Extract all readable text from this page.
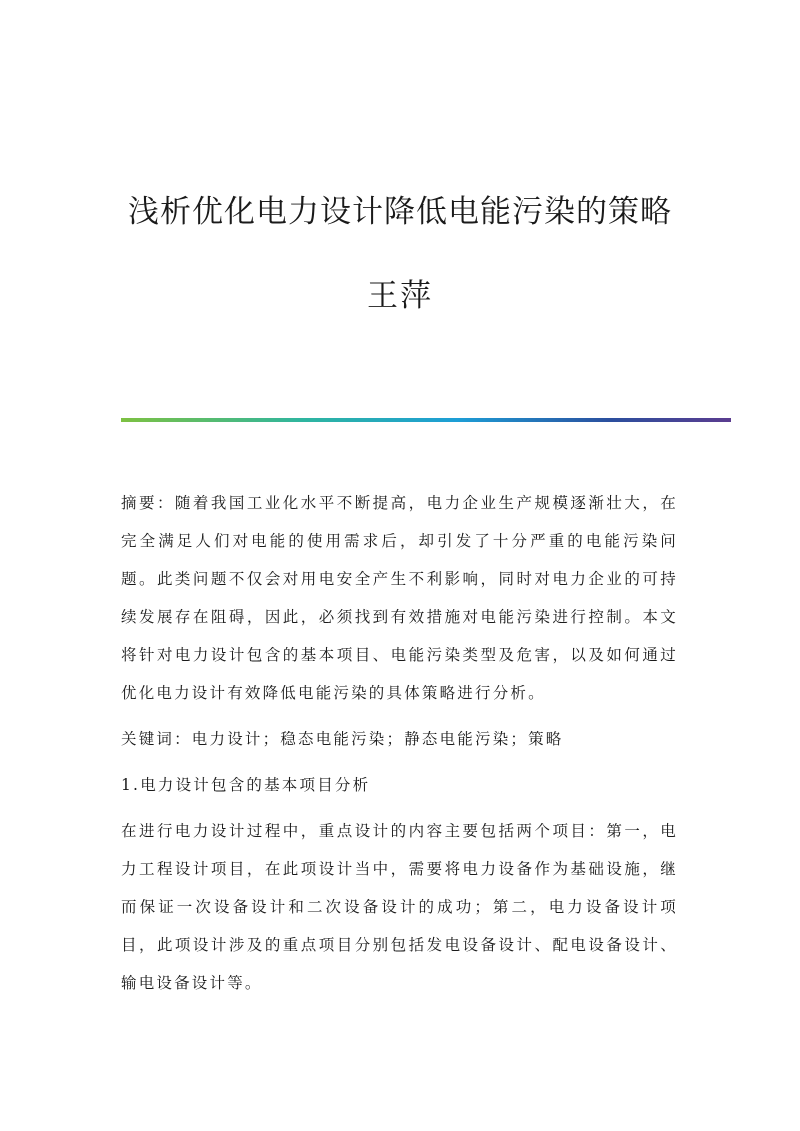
浅析优化电力设计降低电能污染的策略
王萍

摘要：随着我国工业化水平不断提高，电力企业生产规模逐渐壮大，在完全满足人们对电能的使用需求后，却引发了十分严重的电能污染问题。此类问题不仅会对用电安全产生不利影响，同时对电力企业的可持续发展存在阻碍，因此，必须找到有效措施对电能污染进行控制。本文将针对电力设计包含的基本项目、电能污染类型及危害，以及如何通过优化电力设计有效降低电能污染的具体策略进行分析。

关键词：电力设计；稳态电能污染；静态电能污染；策略

1.电力设计包含的基本项目分析

在进行电力设计过程中，重点设计的内容主要包括两个项目：第一，电力工程设计项目，在此项设计当中，需要将电力设备作为基础设施，继而保证一次设备设计和二次设备设计的成功；第二，电力设备设计项目，此项设计涉及的重点项目分别包括发电设备设计、配电设备设计、输电设备设计等。
